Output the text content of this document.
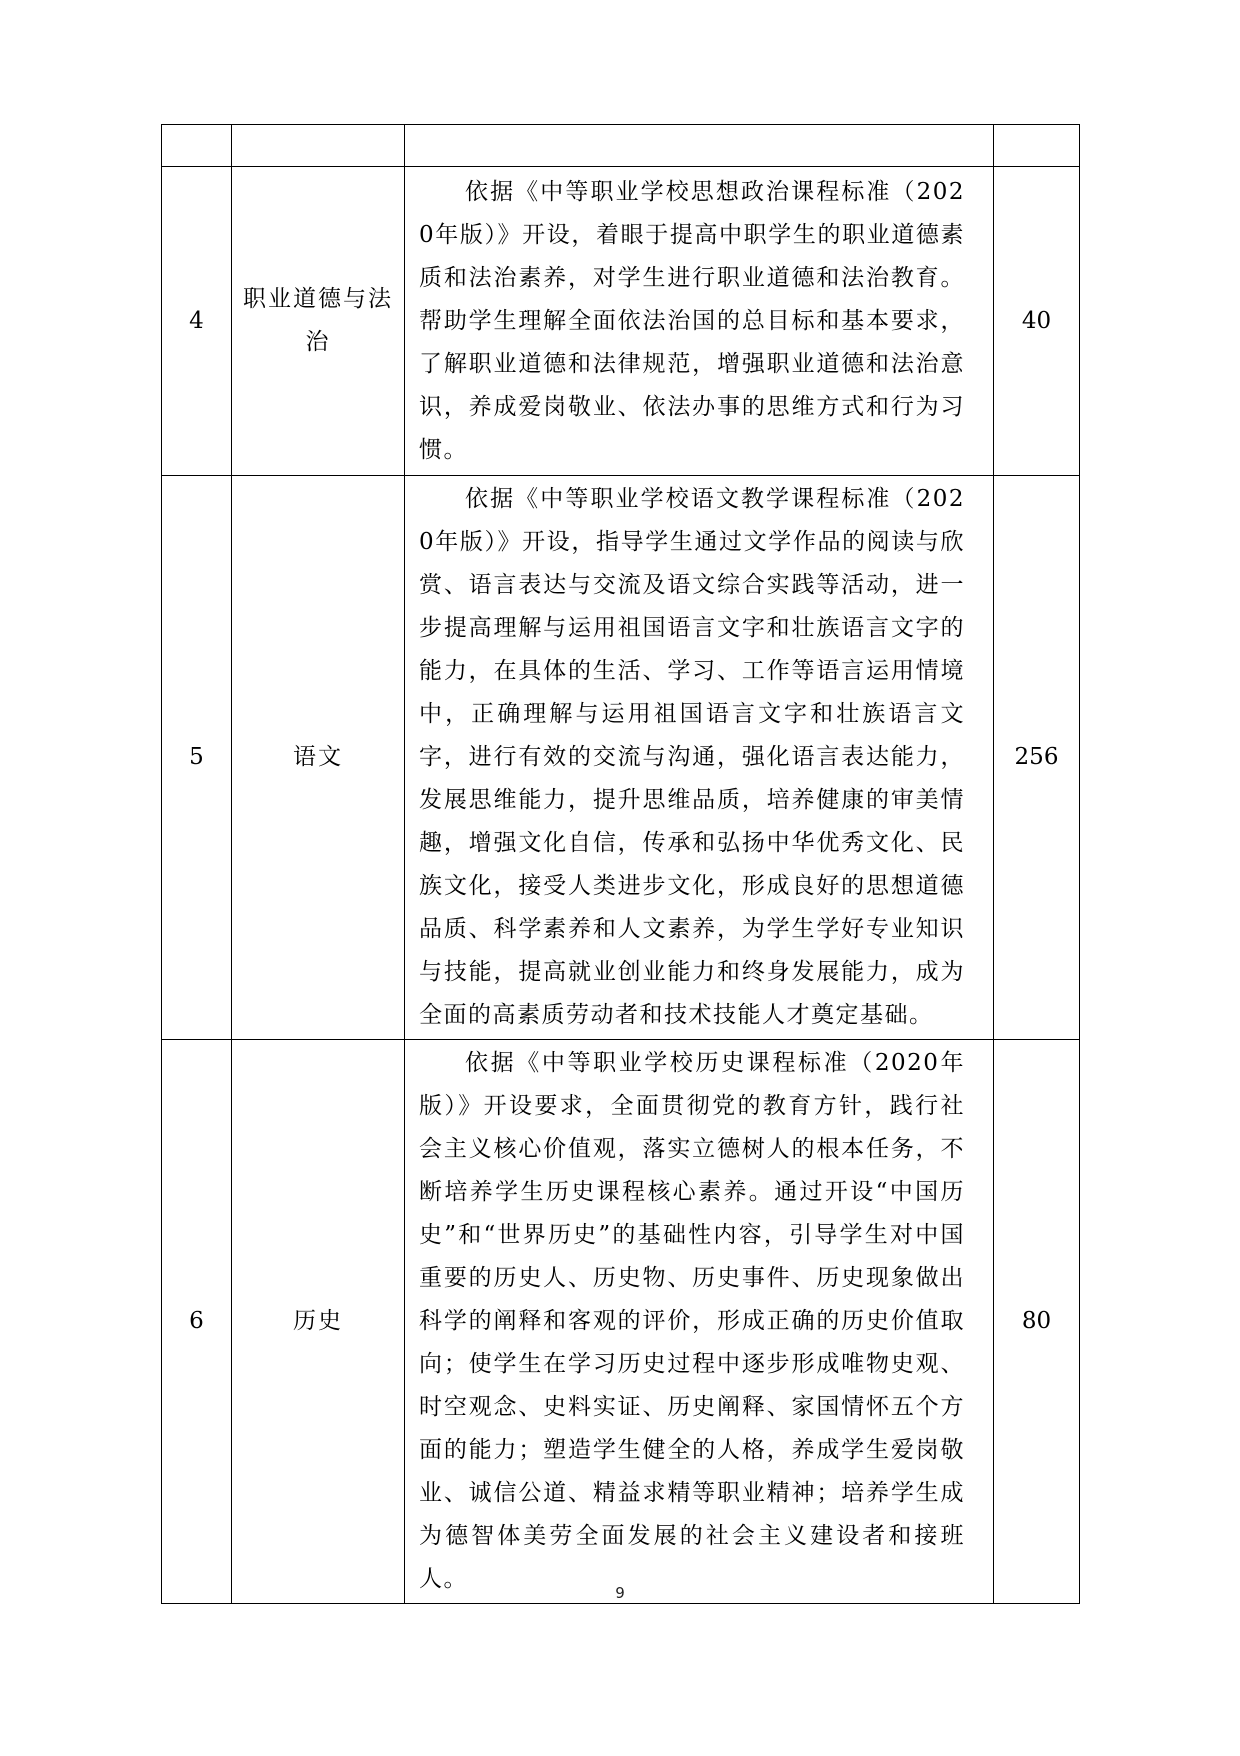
4	职业道德与法治	依据《中等职业学校思想政治课程标准（2020年版）》开设，着眼于提高中职学生的职业道德素质和法治素养，对学生进行职业道德和法治教育。帮助学生理解全面依法治国的总目标和基本要求，了解职业道德和法律规范，增强职业道德和法治意识，养成爱岗敬业、依法办事的思维方式和行为习惯。	40
5	语文	依据《中等职业学校语文教学课程标准（2020年版）》开设，指导学生通过文学作品的阅读与欣赏、语言表达与交流及语文综合实践等活动，进一步提高理解与运用祖国语言文字和壮族语言文字的能力，在具体的生活、学习、工作等语言运用情境中，正确理解与运用祖国语言文字和壮族语言文字，进行有效的交流与沟通，强化语言表达能力，发展思维能力，提升思维品质，培养健康的审美情趣，增强文化自信，传承和弘扬中华优秀文化、民族文化，接受人类进步文化，形成良好的思想道德品质、科学素养和人文素养，为学生学好专业知识与技能，提高就业创业能力和终身发展能力，成为全面的高素质劳动者和技术技能人才奠定基础。	256
6	历史	依据《中等职业学校历史课程标准（2020年版）》开设要求，全面贯彻党的教育方针，践行社会主义核心价值观，落实立德树人的根本任务，不断培养学生历史课程核心素养。通过开设“中国历史”和“世界历史”的基础性内容，引导学生对中国重要的历史人、历史物、历史事件、历史现象做出科学的阐释和客观的评价，形成正确的历史价值取向；使学生在学习历史过程中逐步形成唯物史观、时空观念、史料实证、历史阐释、家国情怀五个方面的能力；塑造学生健全的人格，养成学生爱岗敬业、诚信公道、精益求精等职业精神；培养学生成为德智体美劳全面发展的社会主义建设者和接班人。	80
9
